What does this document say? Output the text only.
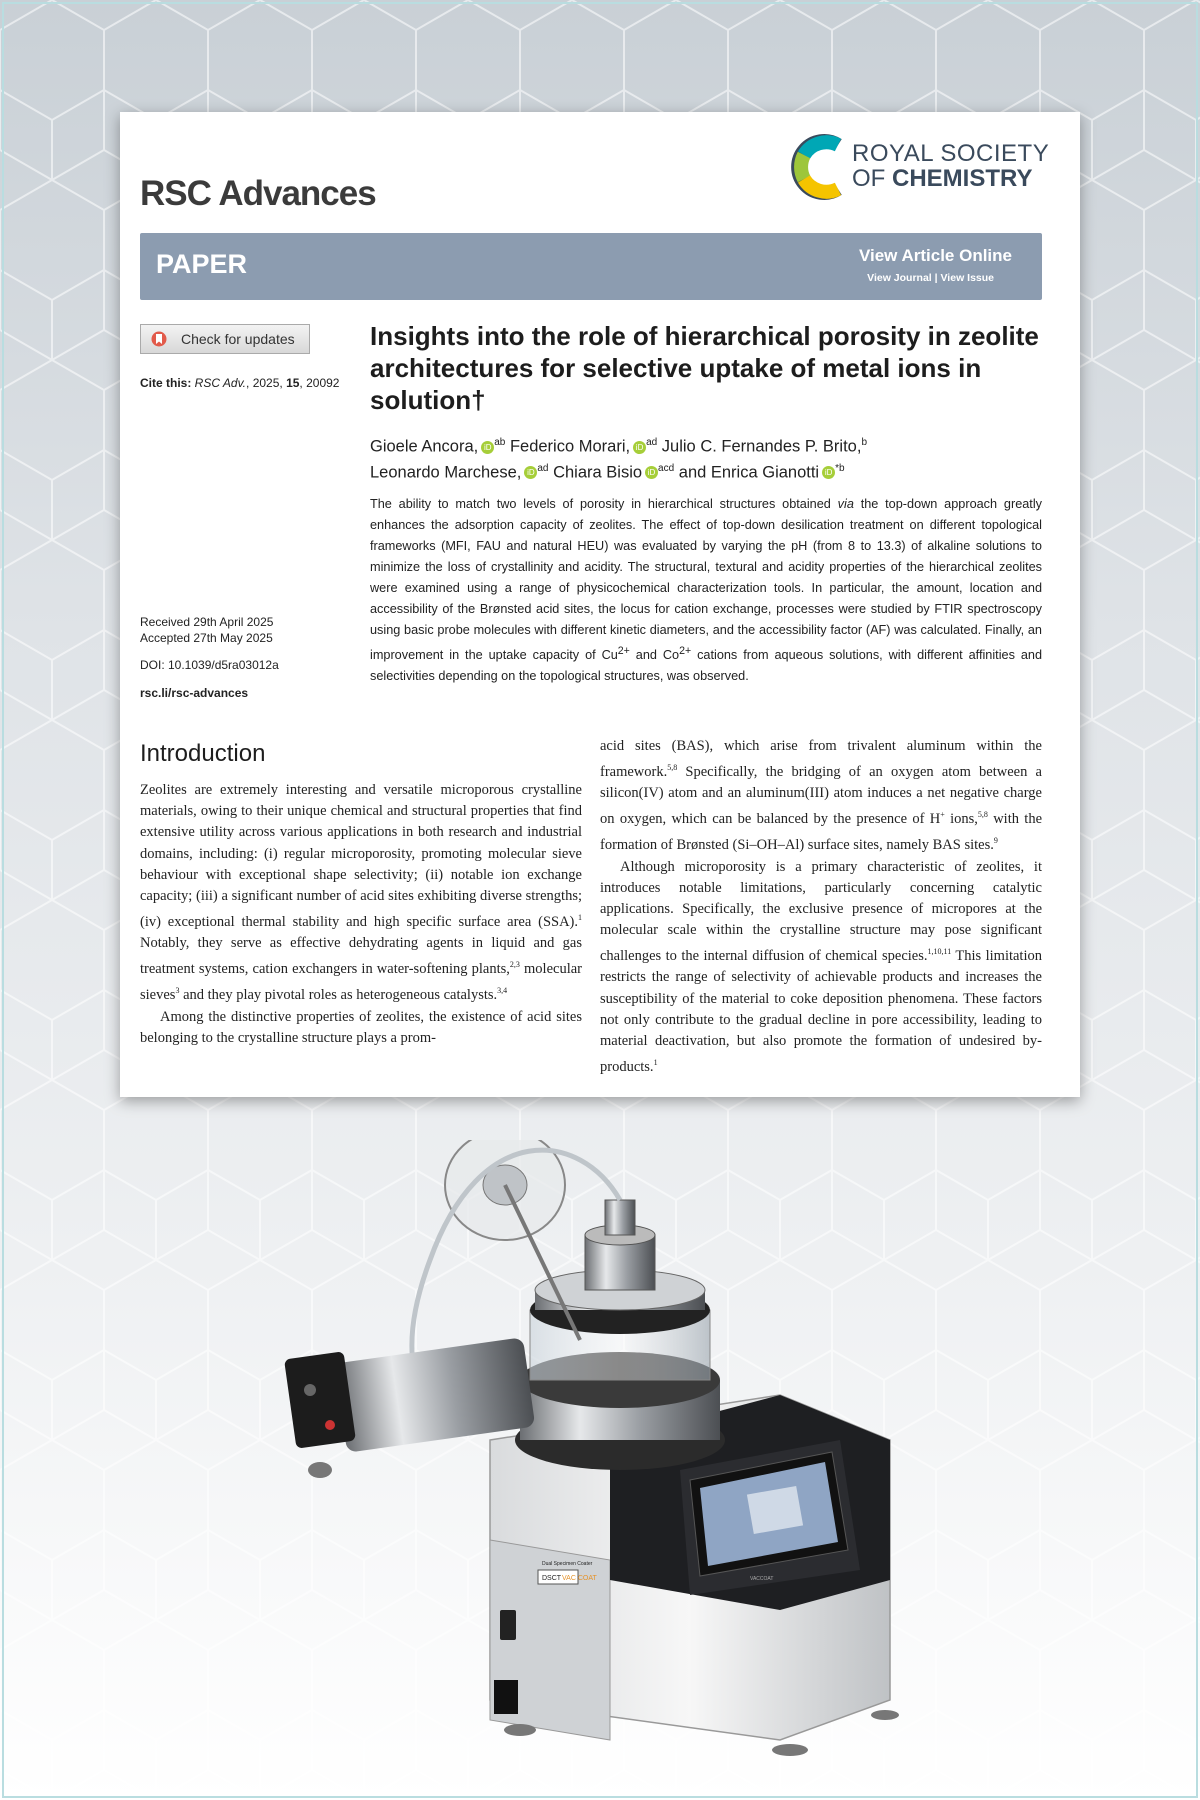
RSC Advances
ROYAL SOCIETY
OF CHEMISTRY
PAPER	View Article Online
View Journal | View Issue
Check for updates
Cite this: RSC Adv., 2025, 15, 20092
Received 29th April 2025
Accepted 27th May 2025
DOI: 10.1039/d5ra03012a
rsc.li/rsc-advances
Insights into the role of hierarchical porosity in zeolite architectures for selective uptake of metal ions in solution†
Gioele Ancora, iD $^{ab}$ Federico Morari, iD $^{ad}$ Julio C. Fernandes P. Brito,$^b$
Leonardo Marchese, iD $^{ad}$ Chiara Bisio iD $^{acd}$ and Enrica Gianotti iD $^{*b}$
The ability to match two levels of porosity in hierarchical structures obtained via the top-down approach greatly enhances the adsorption capacity of zeolites. The effect of top-down desilication treatment on different topological frameworks (MFI, FAU and natural HEU) was evaluated by varying the pH (from 8 to 13.3) of alkaline solutions to minimize the loss of crystallinity and acidity. The structural, textural and acidity properties of the hierarchical zeolites were examined using a range of physicochemical characterization tools. In particular, the amount, location and accessibility of the Brønsted acid sites, the locus for cation exchange, processes were studied by FTIR spectroscopy using basic probe molecules with different kinetic diameters, and the accessibility factor (AF) was calculated. Finally, an improvement in the uptake capacity of $Cu^{2+}$ and $Co^{2+}$ cations from aqueous solutions, with different affinities and selectivities depending on the topological structures, was observed.
Introduction

Zeolites are extremely interesting and versatile microporous crystalline materials, owing to their unique chemical and structural properties that find extensive utility across various applications in both research and industrial domains, including: (i) regular microporosity, promoting molecular sieve behaviour with exceptional shape selectivity; (ii) notable ion exchange capacity; (iii) a significant number of acid sites exhibiting diverse strengths; (iv) exceptional thermal stability and high specific surface area (SSA).$^1$ Notably, they serve as effective dehydrating agents in liquid and gas treatment systems, cation exchangers in water-softening plants,$^{2,3}$ molecular sieves$^3$ and they play pivotal roles as heterogeneous catalysts.$^{3,4}$

Among the distinctive properties of zeolites, the existence of acid sites belonging to the crystalline structure plays a prom-

acid sites (BAS), which arise from trivalent aluminum within the framework.$^{5,8}$ Specifically, the bridging of an oxygen atom between a silicon(IV) atom and an aluminum(III) atom induces a net negative charge on oxygen, which can be balanced by the presence of H+ ions,$^{5,8}$ with the formation of Brønsted (Si–OH–Al) surface sites, namely BAS sites.$^9$

Although microporosity is a primary characteristic of zeolites, it introduces notable limitations, particularly concerning catalytic applications. Specifically, the exclusive presence of micropores at the molecular scale within the crystalline structure may pose significant challenges to the internal diffusion of chemical species.$^{1,10,11}$ This limitation restricts the range of selectivity of achievable products and increases the susceptibility of the material to coke deposition phenomena. These factors not only contribute to the gradual decline in pore accessibility, leading to material deactivation, but also promote the formation of undesired by-products.$^1$

Dual Specimen Coater
DSCT VAC COAT	VACCOAT
